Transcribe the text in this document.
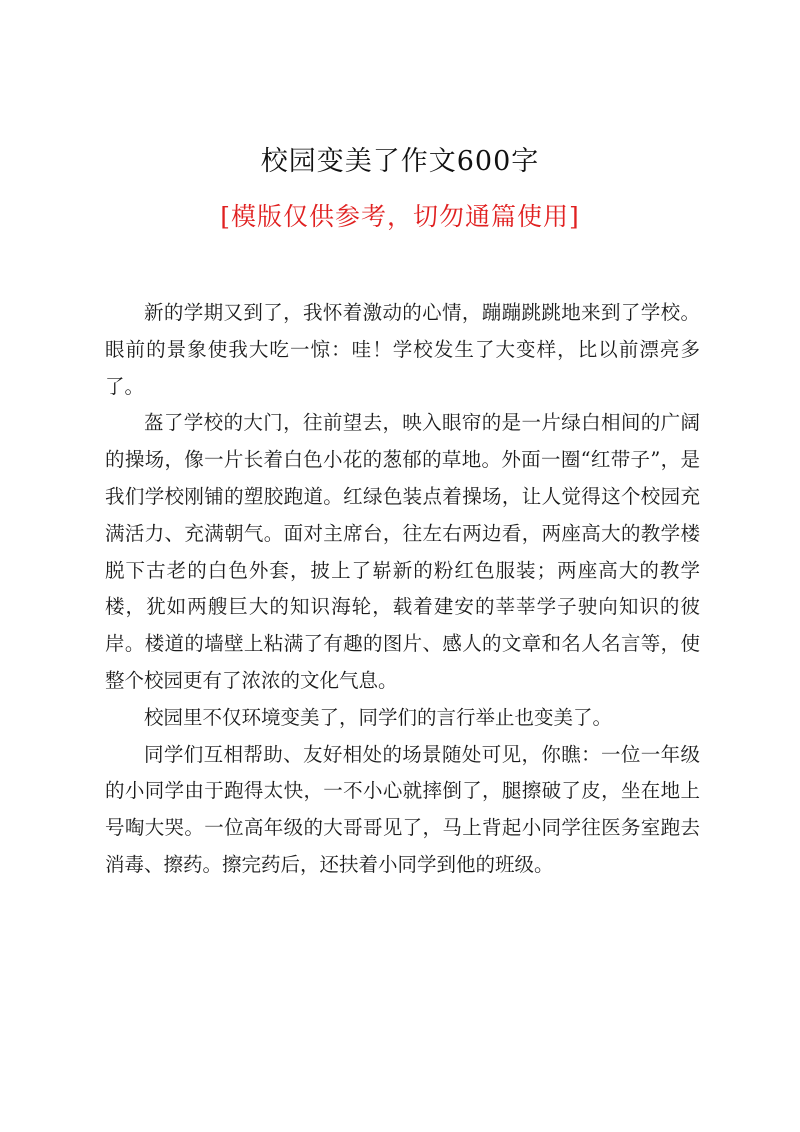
校园变美了作文600字
[模版仅供参考，切勿通篇使用]

新的学期又到了，我怀着激动的心情，蹦蹦跳跳地来到了学校。眼前的景象使我大吃一惊：哇！学校发生了大变样，比以前漂亮多了。

盔了学校的大门，往前望去，映入眼帘的是一片绿白相间的广阔的操场，像一片长着白色小花的葱郁的草地。外面一圈“红带子”，是我们学校刚铺的塑胶跑道。红绿色装点着操场，让人觉得这个校园充满活力、充满朝气。面对主席台，往左右两边看，两座高大的教学楼脱下古老的白色外套，披上了崭新的粉红色服装；两座高大的教学楼，犹如两艘巨大的知识海轮，载着建安的莘莘学子驶向知识的彼岸。楼道的墙壁上粘满了有趣的图片、感人的文章和名人名言等，使整个校园更有了浓浓的文化气息。

校园里不仅环境变美了，同学们的言行举止也变美了。

同学们互相帮助、友好相处的场景随处可见，你瞧：一位一年级的小同学由于跑得太快，一不小心就摔倒了，腿擦破了皮，坐在地上号啕大哭。一位高年级的大哥哥见了，马上背起小同学往医务室跑去消毒、擦药。擦完药后，还扶着小同学到他的班级。
